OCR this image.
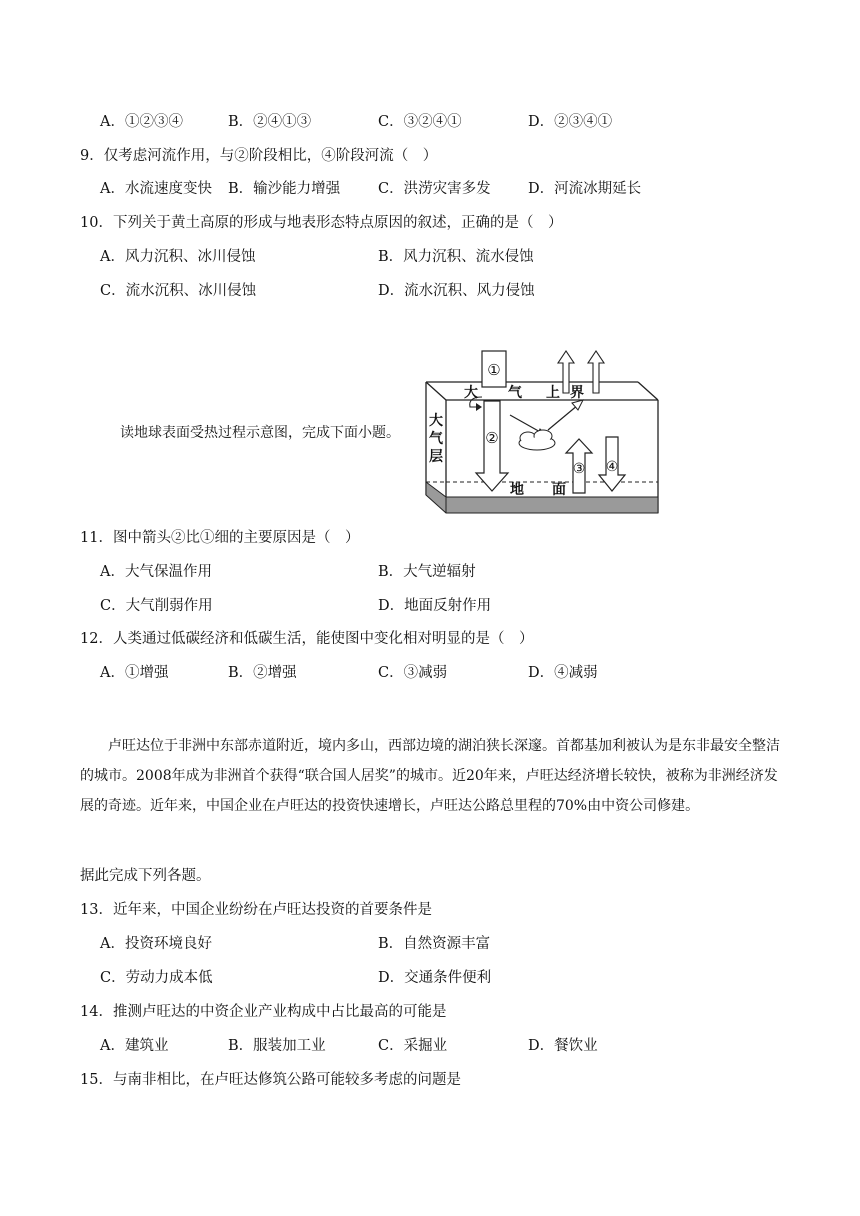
A．①②③④	B．②④①③	C．③②④①	D．②③④①
9．仅考虑河流作用，与②阶段相比，④阶段河流（　）
A．水流速度变快 B．输沙能力增强	C．洪涝灾害多发	D．河流冰期延长
10．下列关于黄土高原的形成与地表形态特点原因的叙述，正确的是（　）
A．风力沉积、冰川侵蚀	B．风力沉积、流水侵蚀
C．流水沉积、冰川侵蚀	D．流水沉积、风力侵蚀
读地球表面受热过程示意图，完成下面小题。
①
②
③ ④
大 气 上 界
大
气
层
地 面
11．图中箭头②比①细的主要原因是（　）
A．大气保温作用	B．大气逆辐射
C．大气削弱作用	D．地面反射作用
12．人类通过低碳经济和低碳生活，能使图中变化相对明显的是（　）
A．①增强	B．②增强	C．③减弱	D．④减弱

卢旺达位于非洲中东部赤道附近，境内多山，西部边境的湖泊狭长深邃。首都基加利被认为是东非最安全整洁的城市。2008年成为非洲首个获得“联合国人居奖”的城市。近20年来，卢旺达经济增长较快，被称为非洲经济发展的奇迹。近年来，中国企业在卢旺达的投资快速增长，卢旺达公路总里程的70%由中资公司修建。

据此完成下列各题。
13．近年来，中国企业纷纷在卢旺达投资的首要条件是
A．投资环境良好	B．自然资源丰富
C．劳动力成本低	D．交通条件便利
14．推测卢旺达的中资企业产业构成中占比最高的可能是
A．建筑业	B．服装加工业	C．采掘业	D．餐饮业
15．与南非相比，在卢旺达修筑公路可能较多考虑的问题是
